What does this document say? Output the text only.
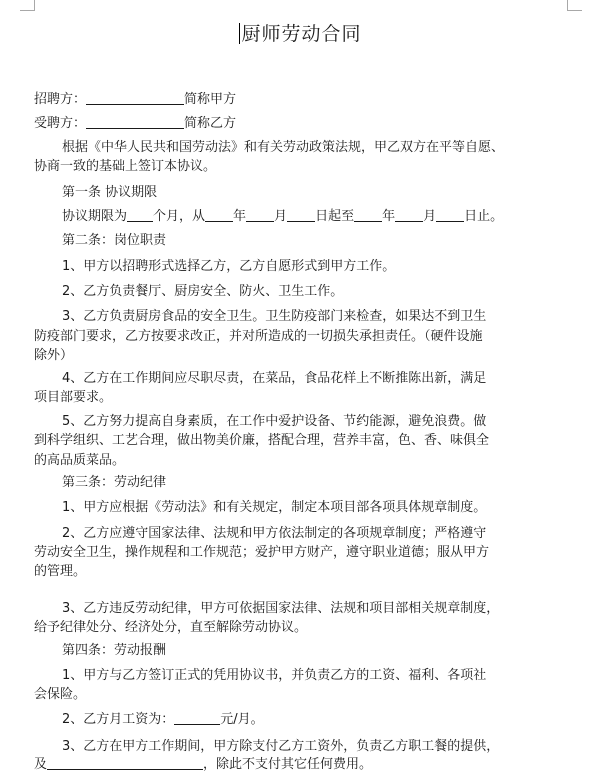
厨师劳动合同
招聘方：	简称甲方
受聘方：	简称乙方
根据《中华人民共和国劳动法》和有关劳动政策法规，甲乙双方在平等自愿、
协商一致的基础上签订本协议。
第一条 协议期限
协议期限为 个月，从 年 月 日起至 年 月 日止。
第二条：岗位职责
1、甲方以招聘形式选择乙方，乙方自愿形式到甲方工作。
2、乙方负责餐厅、厨房安全、防火、卫生工作。
3、乙方负责厨房食品的安全卫生。卫生防疫部门来检查，如果达不到卫生
防疫部门要求，乙方按要求改正，并对所造成的一切损失承担责任。（硬件设施
除外）
4、乙方在工作期间应尽职尽责，在菜品，食品花样上不断推陈出新，满足
项目部要求。
5、乙方努力提高自身素质，在工作中爱护设备、节约能源，避免浪费。做
到科学组织、工艺合理，做出物美价廉，搭配合理，营养丰富，色、香、味俱全
的高品质菜品。
第三条：劳动纪律
1、甲方应根据《劳动法》和有关规定，制定本项目部各项具体规章制度。
2、乙方应遵守国家法律、法规和甲方依法制定的各项规章制度；严格遵守
劳动安全卫生，操作规程和工作规范；爱护甲方财产，遵守职业道德；服从甲方
的管理。
3、乙方违反劳动纪律，甲方可依据国家法律、法规和项目部相关规章制度，
给予纪律处分、经济处分，直至解除劳动协议。
第四条：劳动报酬
1、甲方与乙方签订正式的凭用协议书，并负责乙方的工资、福利、各项社
会保险。
2、乙方月工资为：	元/月。
3、乙方在甲方工作期间，甲方除支付乙方工资外，负责乙方职工餐的提供，
及	，除此不支付其它任何费用。
